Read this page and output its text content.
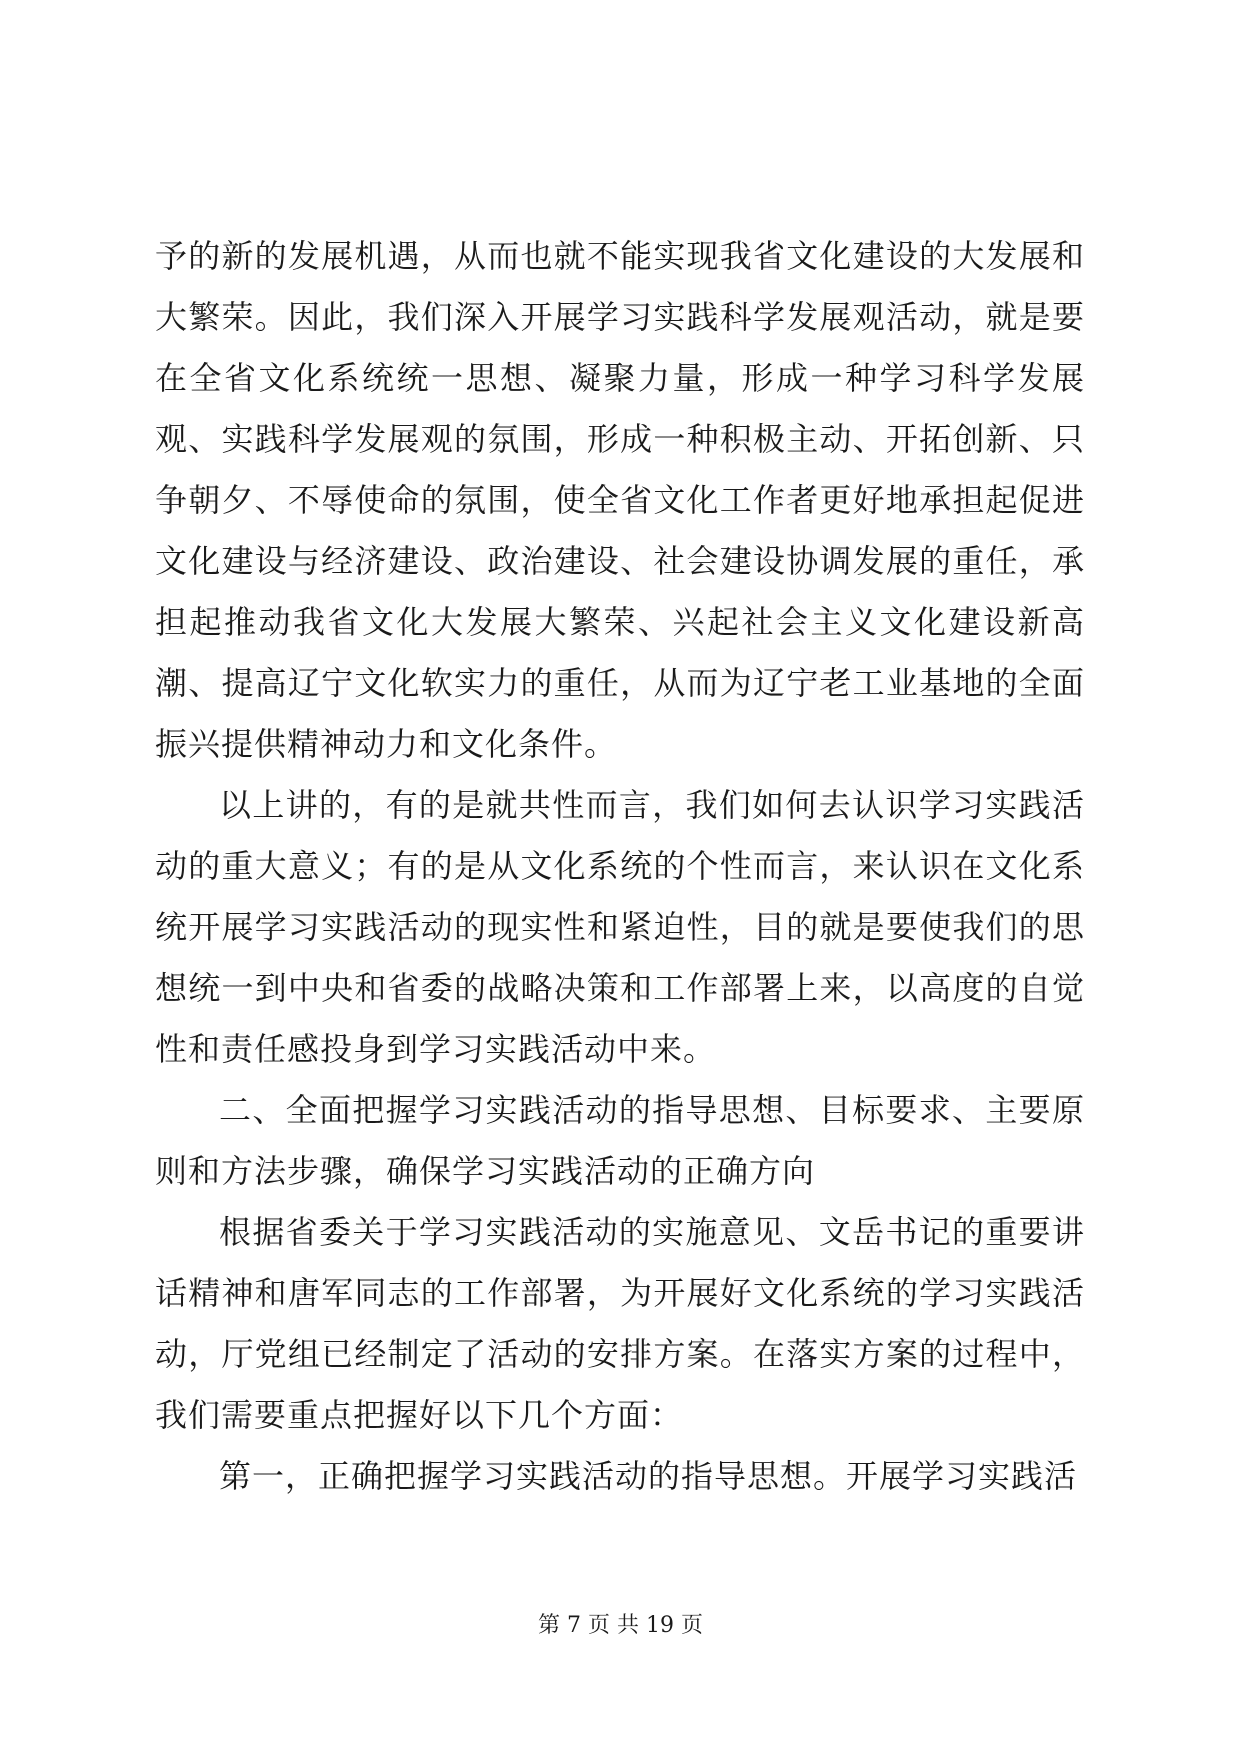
予的新的发展机遇，从而也就不能实现我省文化建设的大发展和大繁荣。因此，我们深入开展学习实践科学发展观活动，就是要在全省文化系统统一思想、凝聚力量，形成一种学习科学发展观、实践科学发展观的氛围，形成一种积极主动、开拓创新、只争朝夕、不辱使命的氛围，使全省文化工作者更好地承担起促进文化建设与经济建设、政治建设、社会建设协调发展的重任，承担起推动我省文化大发展大繁荣、兴起社会主义文化建设新高潮、提高辽宁文化软实力的重任，从而为辽宁老工业基地的全面振兴提供精神动力和文化条件。

以上讲的，有的是就共性而言，我们如何去认识学习实践活动的重大意义；有的是从文化系统的个性而言，来认识在文化系统开展学习实践活动的现实性和紧迫性，目的就是要使我们的思想统一到中央和省委的战略决策和工作部署上来，以高度的自觉性和责任感投身到学习实践活动中来。

二、全面把握学习实践活动的指导思想、目标要求、主要原则和方法步骤，确保学习实践活动的正确方向

根据省委关于学习实践活动的实施意见、文岳书记的重要讲话精神和唐军同志的工作部署，为开展好文化系统的学习实践活动，厅党组已经制定了活动的安排方案。在落实方案的过程中，我们需要重点把握好以下几个方面：

第一，正确把握学习实践活动的指导思想。开展学习实践活

第 7 页 共 19 页
